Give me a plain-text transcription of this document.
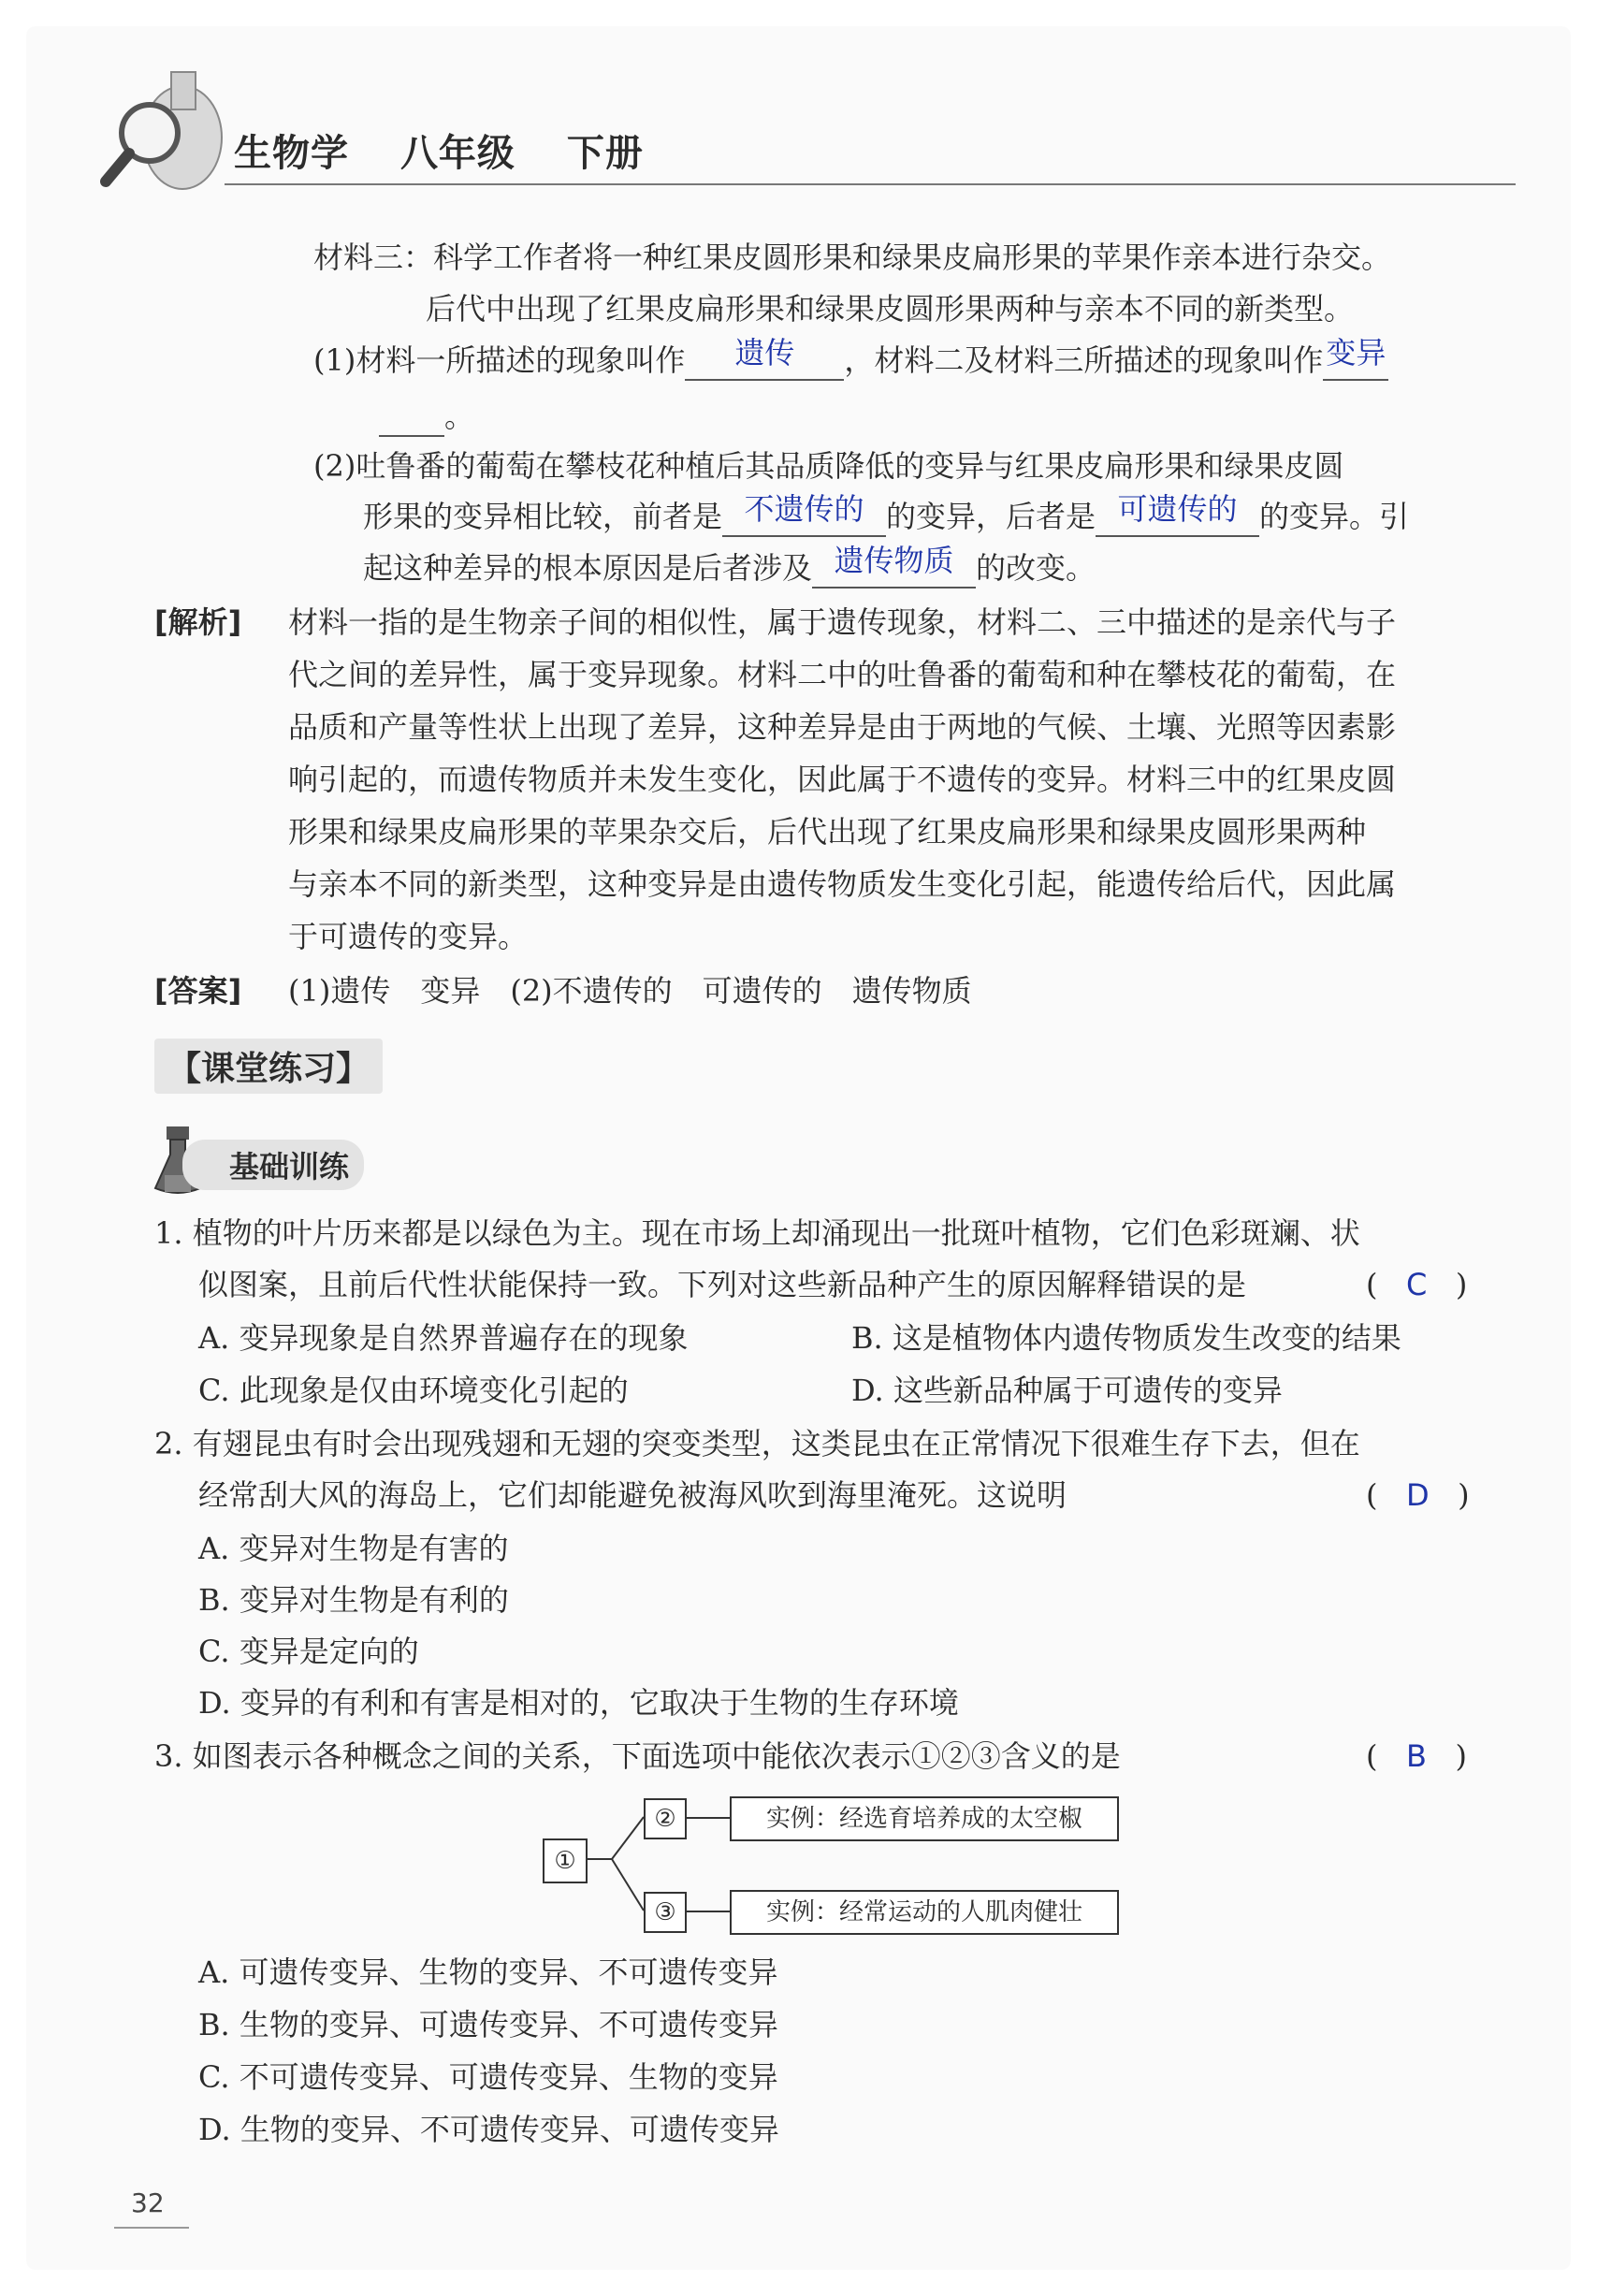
生物学 八年级 下册
材料三：科学工作者将一种红果皮圆形果和绿果皮扁形果的苹果作亲本进行杂交。
后代中出现了红果皮扁形果和绿果皮圆形果两种与亲本不同的新类型。
(1)材料一所描述的现象叫作 遗传 ，材料二及材料三所描述的现象叫作变异
。
(2)吐鲁番的葡萄在攀枝花种植后其品质降低的变异与红果皮扁形果和绿果皮圆
形果的变异相比较，前者是 不遗传的 的变异，后者是 可遗传的 的变异。引
起这种差异的根本原因是后者涉及 遗传物质 的改变。
[解析] 材料一指的是生物亲子间的相似性，属于遗传现象，材料二、三中描述的是亲代与子
代之间的差异性，属于变异现象。材料二中的吐鲁番的葡萄和种在攀枝花的葡萄，在
品质和产量等性状上出现了差异，这种差异是由于两地的气候、土壤、光照等因素影
响引起的，而遗传物质并未发生变化，因此属于不遗传的变异。材料三中的红果皮圆
形果和绿果皮扁形果的苹果杂交后，后代出现了红果皮扁形果和绿果皮圆形果两种
与亲本不同的新类型，这种变异是由遗传物质发生变化引起，能遗传给后代，因此属
于可遗传的变异。
[答案] (1)遗传　变异　(2)不遗传的　可遗传的　遗传物质
【课堂练习】
基础训练
1. 植物的叶片历来都是以绿色为主。现在市场上却涌现出一批斑叶植物，它们色彩斑斓、状
似图案，且前后代性状能保持一致。下列对这些新品种产生的原因解释错误的是	(   C   )
A. 变异现象是自然界普遍存在的现象	B. 这是植物体内遗传物质发生改变的结果
C. 此现象是仅由环境变化引起的	D. 这些新品种属于可遗传的变异
2. 有翅昆虫有时会出现残翅和无翅的突变类型，这类昆虫在正常情况下很难生存下去，但在
经常刮大风的海岛上，它们却能避免被海风吹到海里淹死。这说明	(   D   )
A. 变异对生物是有害的
B. 变异对生物是有利的
C. 变异是定向的
D. 变异的有利和有害是相对的，它取决于生物的生存环境
3. 如图表示各种概念之间的关系，下面选项中能依次表示①②③含义的是	(   B   )
①
②	实例：经选育培养成的太空椒
③	实例：经常运动的人肌肉健壮
A. 可遗传变异、生物的变异、不可遗传变异
B. 生物的变异、可遗传变异、不可遗传变异
C. 不可遗传变异、可遗传变异、生物的变异
D. 生物的变异、不可遗传变异、可遗传变异
32
